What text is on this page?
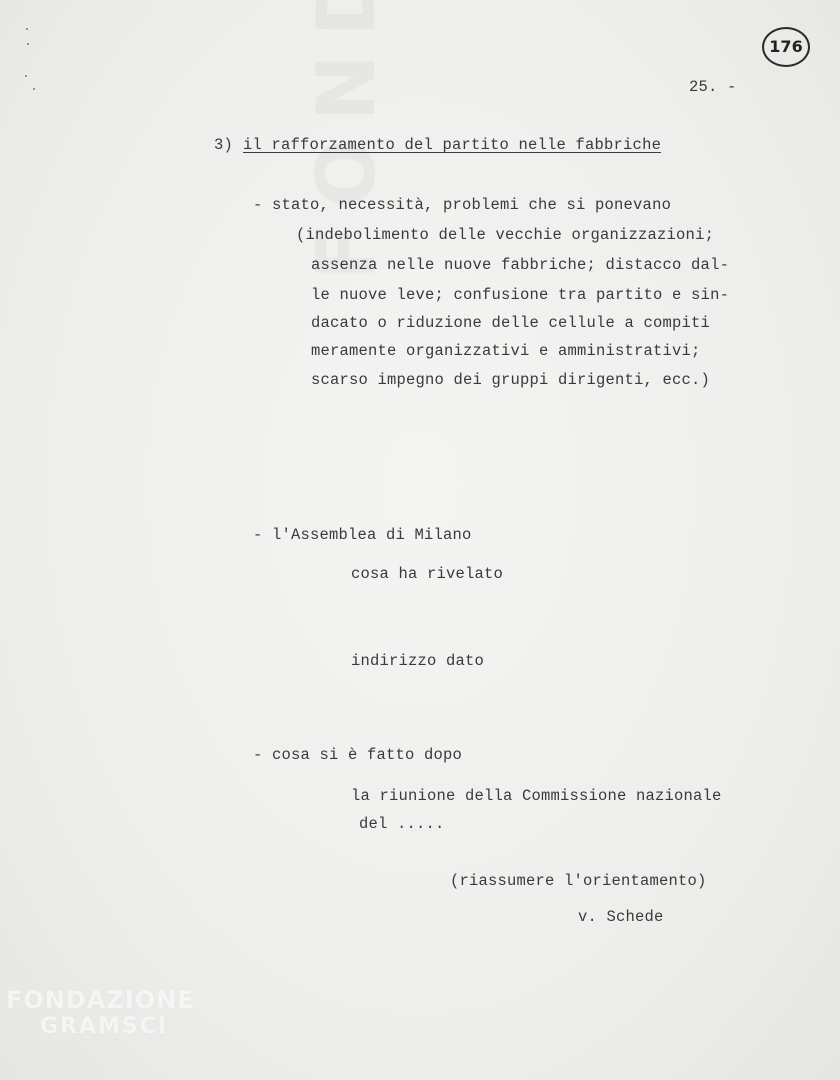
176
25. -
3) il rafforzamento del partito nelle fabbriche
- stato, necessità, problemi che si ponevano
(indebolimento delle vecchie organizzazioni;
assenza nelle nuove fabbriche; distacco dal-
le nuove leve; confusione tra partito e sin-
dacato o riduzione delle cellule a compiti
meramente organizzativi e amministrativi;
scarso impegno dei gruppi dirigenti, ecc.)
- l'Assemblea di Milano
cosa ha rivelato
indirizzo dato
- cosa si è fatto dopo
la riunione della Commissione nazionale
del .....
(riassumere l'orientamento)
v. Schede
FONDAZIONE
GRAMSCI
